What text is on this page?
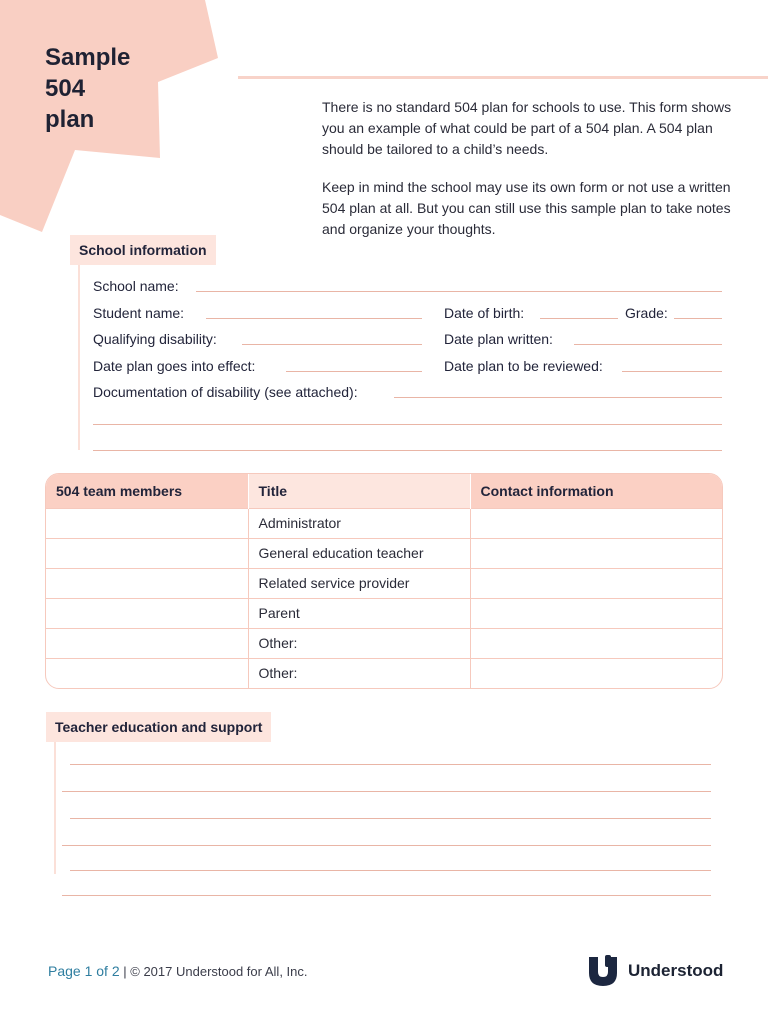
Sample
504
plan	There is no standard 504 plan for schools to use. This form shows you an example of what could be part of a 504 plan. A 504 plan should be tailored to a child’s needs.

Keep in mind the school may use its own form or not use a written 504 plan at all. But you can still use this sample plan to take notes and organize your thoughts.

School information
School name:
Student name:	Date of birth:	Grade:
Qualifying disability:	Date plan written:
Date plan goes into effect:	Date plan to be reviewed:
Documentation of disability (see attached):
504 team members	Title	Contact information
	Administrator	
	General education teacher	
	Related service provider	
	Parent	
	Other:	
	Other:	
Teacher education and support
Page 1 of 2 | © 2017 Understood for All, Inc.	Understood
